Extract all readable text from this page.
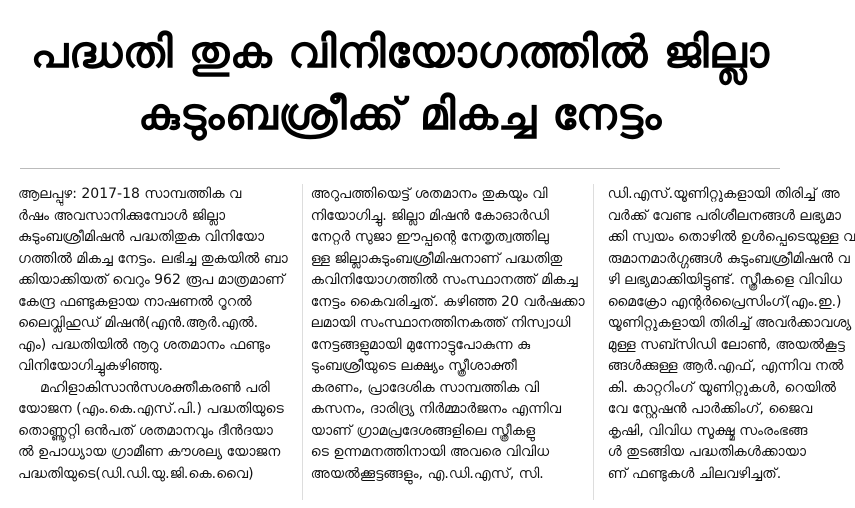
പദ്ധതി തുക വിനിയോഗത്തിൽ ജില്ലാ
കുടുംബശ്രീക്ക് മികച്ച നേട്ടം
ആലപ്പുഴ: 2017-18 സാമ്പത്തിക വ
ർഷം അവസാനിക്കുമ്പോൾ ജില്ലാ
കുടുംബശ്രീമിഷൻ പദ്ധതിതുക വിനിയോ
ഗത്തിൽ മികച്ച നേട്ടം. ലഭിച്ച തുകയിൽ ബാ
ക്കിയാക്കിയത് വെറും 962 രൂപ മാത്രമാണ്
കേന്ദ്ര ഫണ്ടുകളായ നാഷണൽ റൂറൽ
ലൈവ്ലിഹുഡ് മിഷൻ(എൻ.ആർ.എൽ.
എം) പദ്ധതിയിൽ നൂറു ശതമാനം ഫണ്ടും
വിനിയോഗിച്ചുകഴിഞ്ഞു.
മഹിളാകിസാൻസശക്തീകരൺ പരി
യോജന (എം.കെ.എസ്.പി.) പദ്ധതിയുടെ
തൊണ്ണൂറ്റി ഒൻപത് ശതമാനവും ദീൻദയാ
ൽ ഉപാധ്യായ ഗ്രാമീണ കൗശല്യ യോജന
പദ്ധതിയുടെ(ഡി.ഡി.യു.ജി.കെ.വൈ)
അറുപത്തിയെട്ട് ശതമാനം തുകയും വി
നിയോഗിച്ചു. ജില്ലാ മിഷൻ കോഓർഡി
നേറ്റർ സുജാ ഈപ്പന്റെ നേതൃത്വത്തിലു
ള്ള ജില്ലാകുടുംബശ്രീമിഷനാണ് പദ്ധതിതു
കവിനിയോഗത്തിൽ സംസ്ഥാനത്ത് മികച്ച
നേട്ടം കൈവരിച്ചത്. കഴിഞ്ഞ 20 വർഷക്കാ
ലമായി സംസ്ഥാനത്തിനകത്ത് നിസ്വാധി
നേട്ടങ്ങളുമായി മുന്നോട്ടുപോകുന്ന കു
ടുംബശ്രീയുടെ ലക്ഷ്യം സ്ത്രീശാക്തീ
കരണം, പ്രാദേശിക സാമ്പത്തിക വി
കസനം, ദാരിദ്ര്യ നിർമ്മാർജനം എന്നിവ
യാണ് ഗ്രാമപ്രദേശങ്ങളിലെ സ്ത്രീകളു
ടെ ഉന്നമനത്തിനായി അവരെ വിവിധ
അയൽക്കൂട്ടങ്ങളും, എ.ഡി.എസ്, സി.
ഡി.എസ്.യൂണിറ്റുകളായി തിരിച്ച് അ
വർക്ക് വേണ്ട പരിശീലനങ്ങൾ ലഭ്യമാ
ക്കി സ്വയം തൊഴിൽ ഉൾപ്പെടെയുള്ള വ
രുമാനമാർഗ്ഗങ്ങൾ കുടുംബശ്രീമിഷൻ വ
ഴി ലഭ്യമാക്കിയിട്ടുണ്ട്. സ്ത്രീകളെ വിവിധ
മൈക്രോ എന്റർപ്രൈസിംഗ്(എം.ഇ.)
യൂണിറ്റുകളായി തിരിച്ച് അവർക്കാവശ്യ
മുള്ള സബ്സിഡി ലോൺ, അയൽകൂട്ട
ങ്ങൾക്കുള്ള ആർ.എഫ്, എന്നിവ നൽ
കി. കാറ്ററിംഗ് യൂണിറ്റുകൾ, റെയിൽ
വേ സ്റ്റേഷൻ പാർക്കിംഗ്, ജൈവ
കൃഷി, വിവിധ സൂക്ഷ്മ സംരംഭങ്ങ
ൾ തുടങ്ങിയ പദ്ധതികൾക്കായാ
ണ് ഫണ്ടുകൾ ചിലവഴിച്ചത്.
